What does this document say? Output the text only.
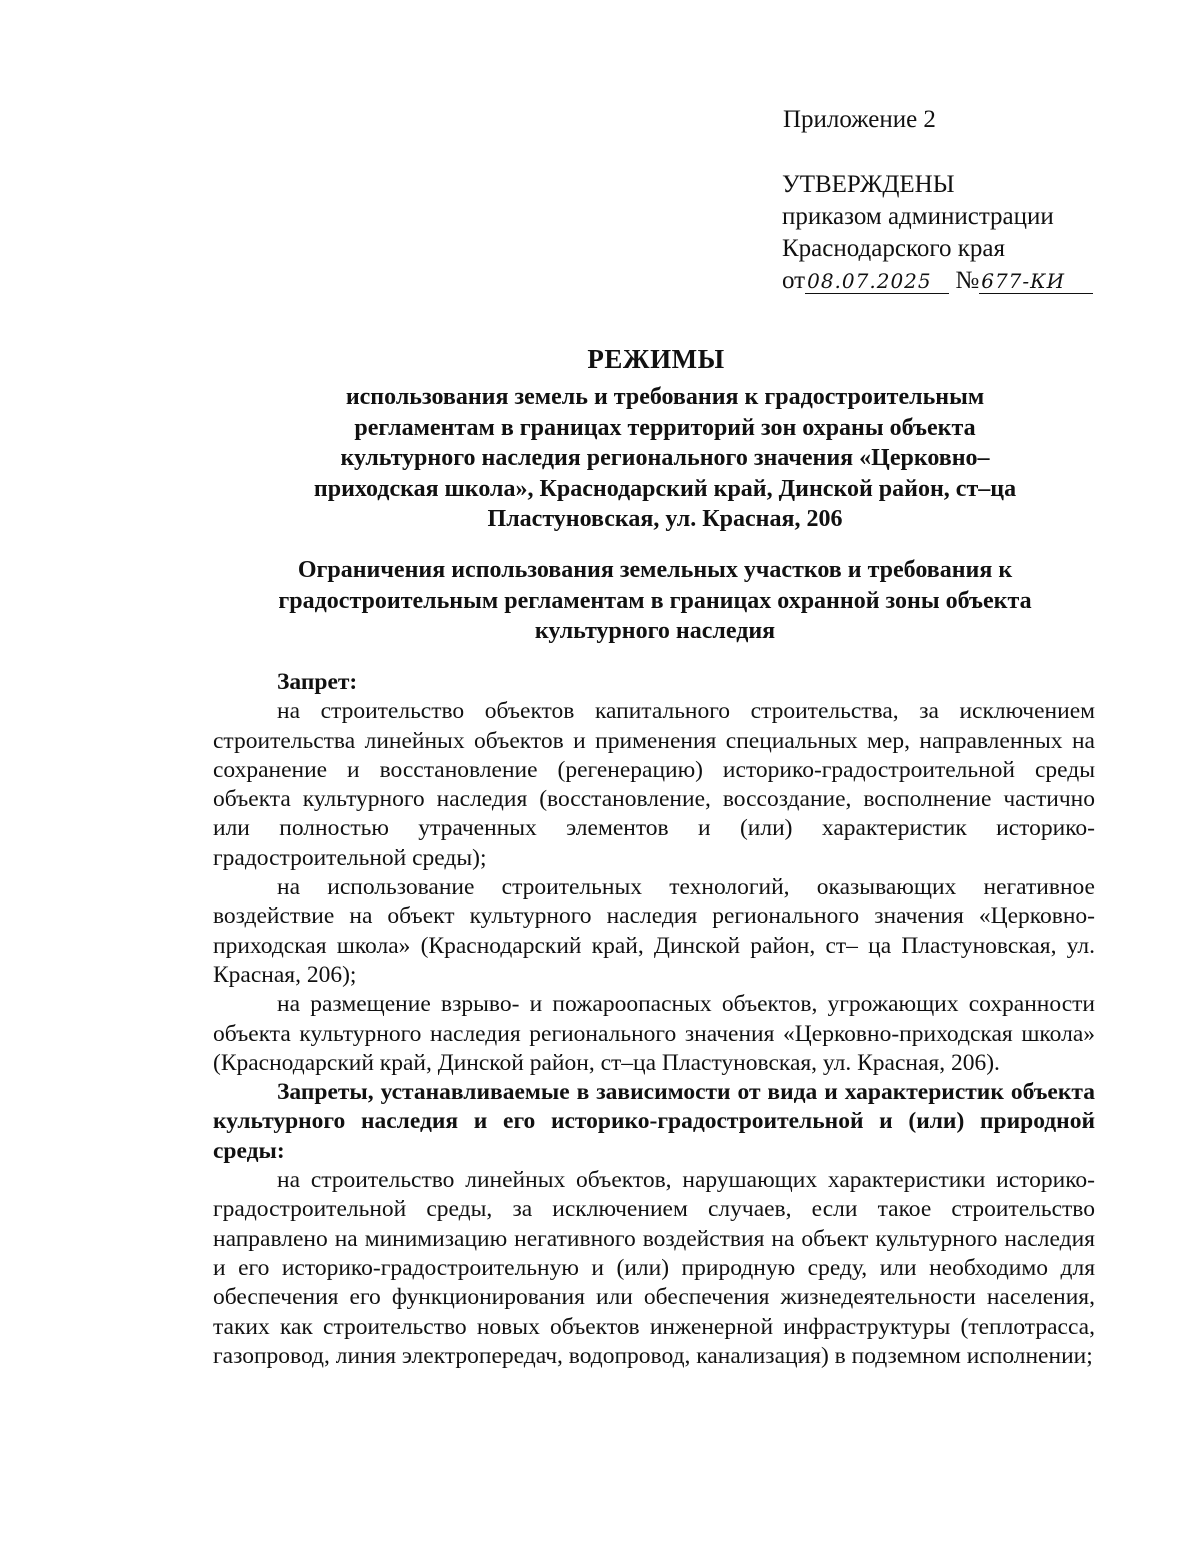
Приложение 2
УТВЕРЖДЕНЫ
приказом администрации
Краснодарского края
от 08.07.2025 № 677-КИ
РЕЖИМЫ
использования земель и требования к градостроительным регламентам в границах территорий зон охраны объекта культурного наследия регионального значения «Церковно–приходская школа», Краснодарский край, Динской район, ст–ца Пластуновская, ул. Красная, 206
Ограничения использования земельных участков и требования к градостроительным регламентам в границах охранной зоны объекта культурного наследия

Запрет:

на строительство объектов капитального строительства, за исключением строительства линейных объектов и применения специальных мер, направленных на сохранение и восстановление (регенерацию) историко-градостроительной среды объекта культурного наследия (восстановление, воссоздание, восполнение частично или полностью утраченных элементов и (или) характеристик историко-градостроительной среды);

на использование строительных технологий, оказывающих негативное воздействие на объект культурного наследия регионального значения «Церковно-приходская школа» (Краснодарский край, Динской район, ст– ца Пластуновская, ул. Красная, 206);

на размещение взрыво- и пожароопасных объектов, угрожающих сохранности объекта культурного наследия регионального значения «Церковно-приходская школа» (Краснодарский край, Динской район, ст–ца Пластуновская, ул. Красная, 206).

Запреты, устанавливаемые в зависимости от вида и характеристик объекта культурного наследия и его историко-градостроительной и (или) природной среды:

на строительство линейных объектов, нарушающих характеристики историко-градостроительной среды, за исключением случаев, если такое строительство направлено на минимизацию негативного воздействия на объект культурного наследия и его историко-градостроительную и (или) природную среду, или необходимо для обеспечения его функционирования или обеспечения жизнедеятельности населения, таких как строительство новых объектов инженерной инфраструктуры (теплотрасса, газопровод, линия электропередач, водопровод, канализация) в подземном исполнении;
